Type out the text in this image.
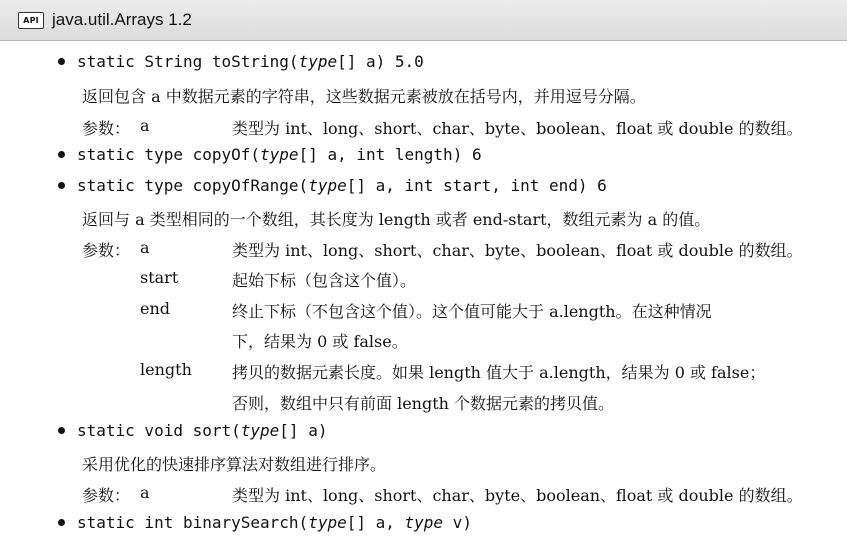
API java.util.Arrays 1.2
static String toString(type[] a) 5.0
返回包含 a 中数据元素的字符串，这些数据元素被放在括号内，并用逗号分隔。
参数： a	类型为 int、long、short、char、byte、boolean、float 或 double 的数组。
static type copyOf(type[] a, int length) 6
static type copyOfRange(type[] a, int start, int end) 6
返回与 a 类型相同的一个数组，其长度为 length 或者 end-start，数组元素为 a 的值。
参数： a	类型为 int、long、short、char、byte、boolean、float 或 double 的数组。
start	起始下标（包含这个值）。
end	终止下标（不包含这个值）。这个值可能大于 a.length。在这种情况
下，结果为 0 或 false。
length	拷贝的数据元素长度。如果 length 值大于 a.length，结果为 0 或 false；
否则，数组中只有前面 length 个数据元素的拷贝值。
static void sort(type[] a)
采用优化的快速排序算法对数组进行排序。
参数： a	类型为 int、long、short、char、byte、boolean、float 或 double 的数组。
static int binarySearch(type[] a, type v)
